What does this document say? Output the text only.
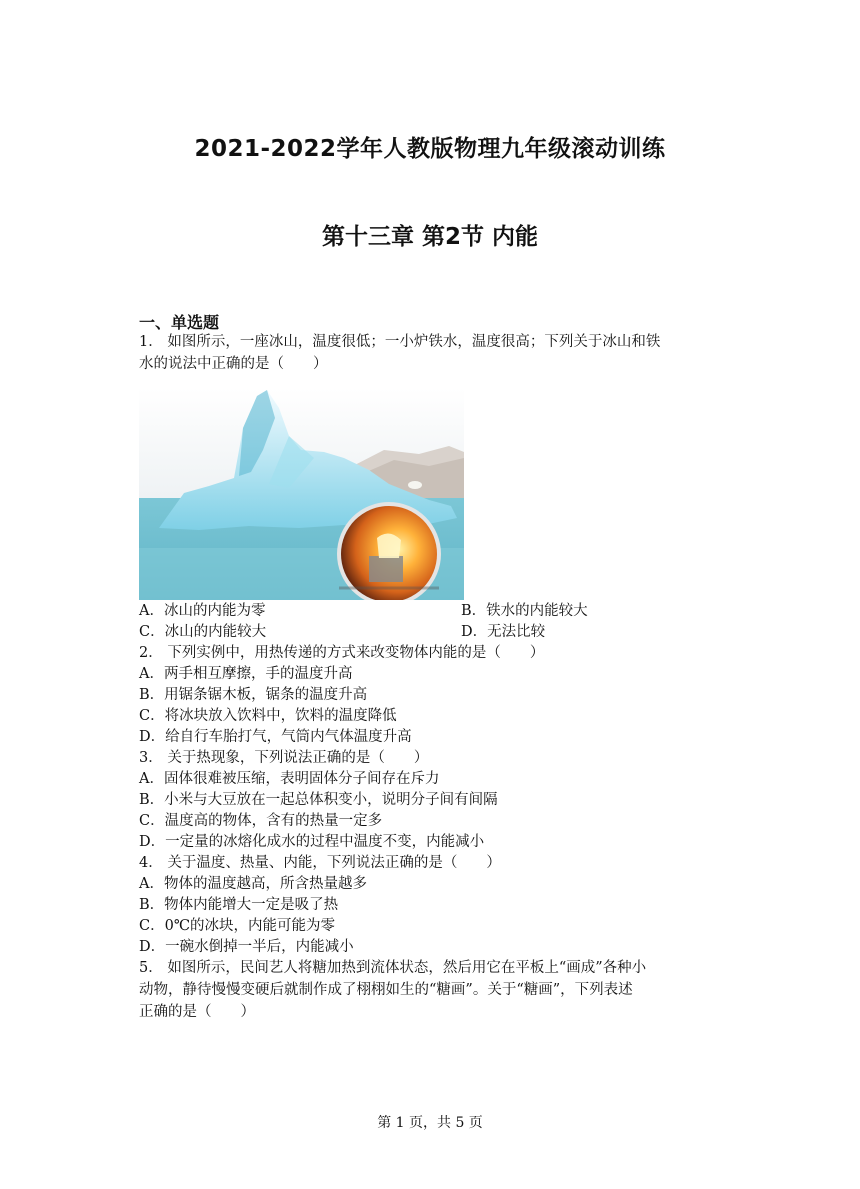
2021-2022学年人教版物理九年级滚动训练
第十三章 第2节 内能
一、单选题
1． 如图所示，一座冰山，温度很低；一小炉铁水，温度很高；下列关于冰山和铁
水的说法中正确的是（　　）
A．冰山的内能为零	B．铁水的内能较大
C．冰山的内能较大	D．无法比较
2． 下列实例中，用热传递的方式来改变物体内能的是（　　）
A．两手相互摩擦，手的温度升高
B．用锯条锯木板，锯条的温度升高
C．将冰块放入饮料中，饮料的温度降低
D．给自行车胎打气，气筒内气体温度升高
3． 关于热现象，下列说法正确的是（　　）
A．固体很难被压缩，表明固体分子间存在斥力
B．小米与大豆放在一起总体积变小，说明分子间有间隔
C．温度高的物体，含有的热量一定多
D．一定量的冰熔化成水的过程中温度不变，内能减小
4． 关于温度、热量、内能，下列说法正确的是（　　）
A．物体的温度越高，所含热量越多
B．物体内能增大一定是吸了热
C．0℃的冰块，内能可能为零
D．一碗水倒掉一半后，内能减小
5． 如图所示，民间艺人将糖加热到流体状态，然后用它在平板上“画成”各种小
动物，静待慢慢变硬后就制作成了栩栩如生的“糖画”。关于“糖画”，下列表述
正确的是（　　）
第 1 页，共 5 页
